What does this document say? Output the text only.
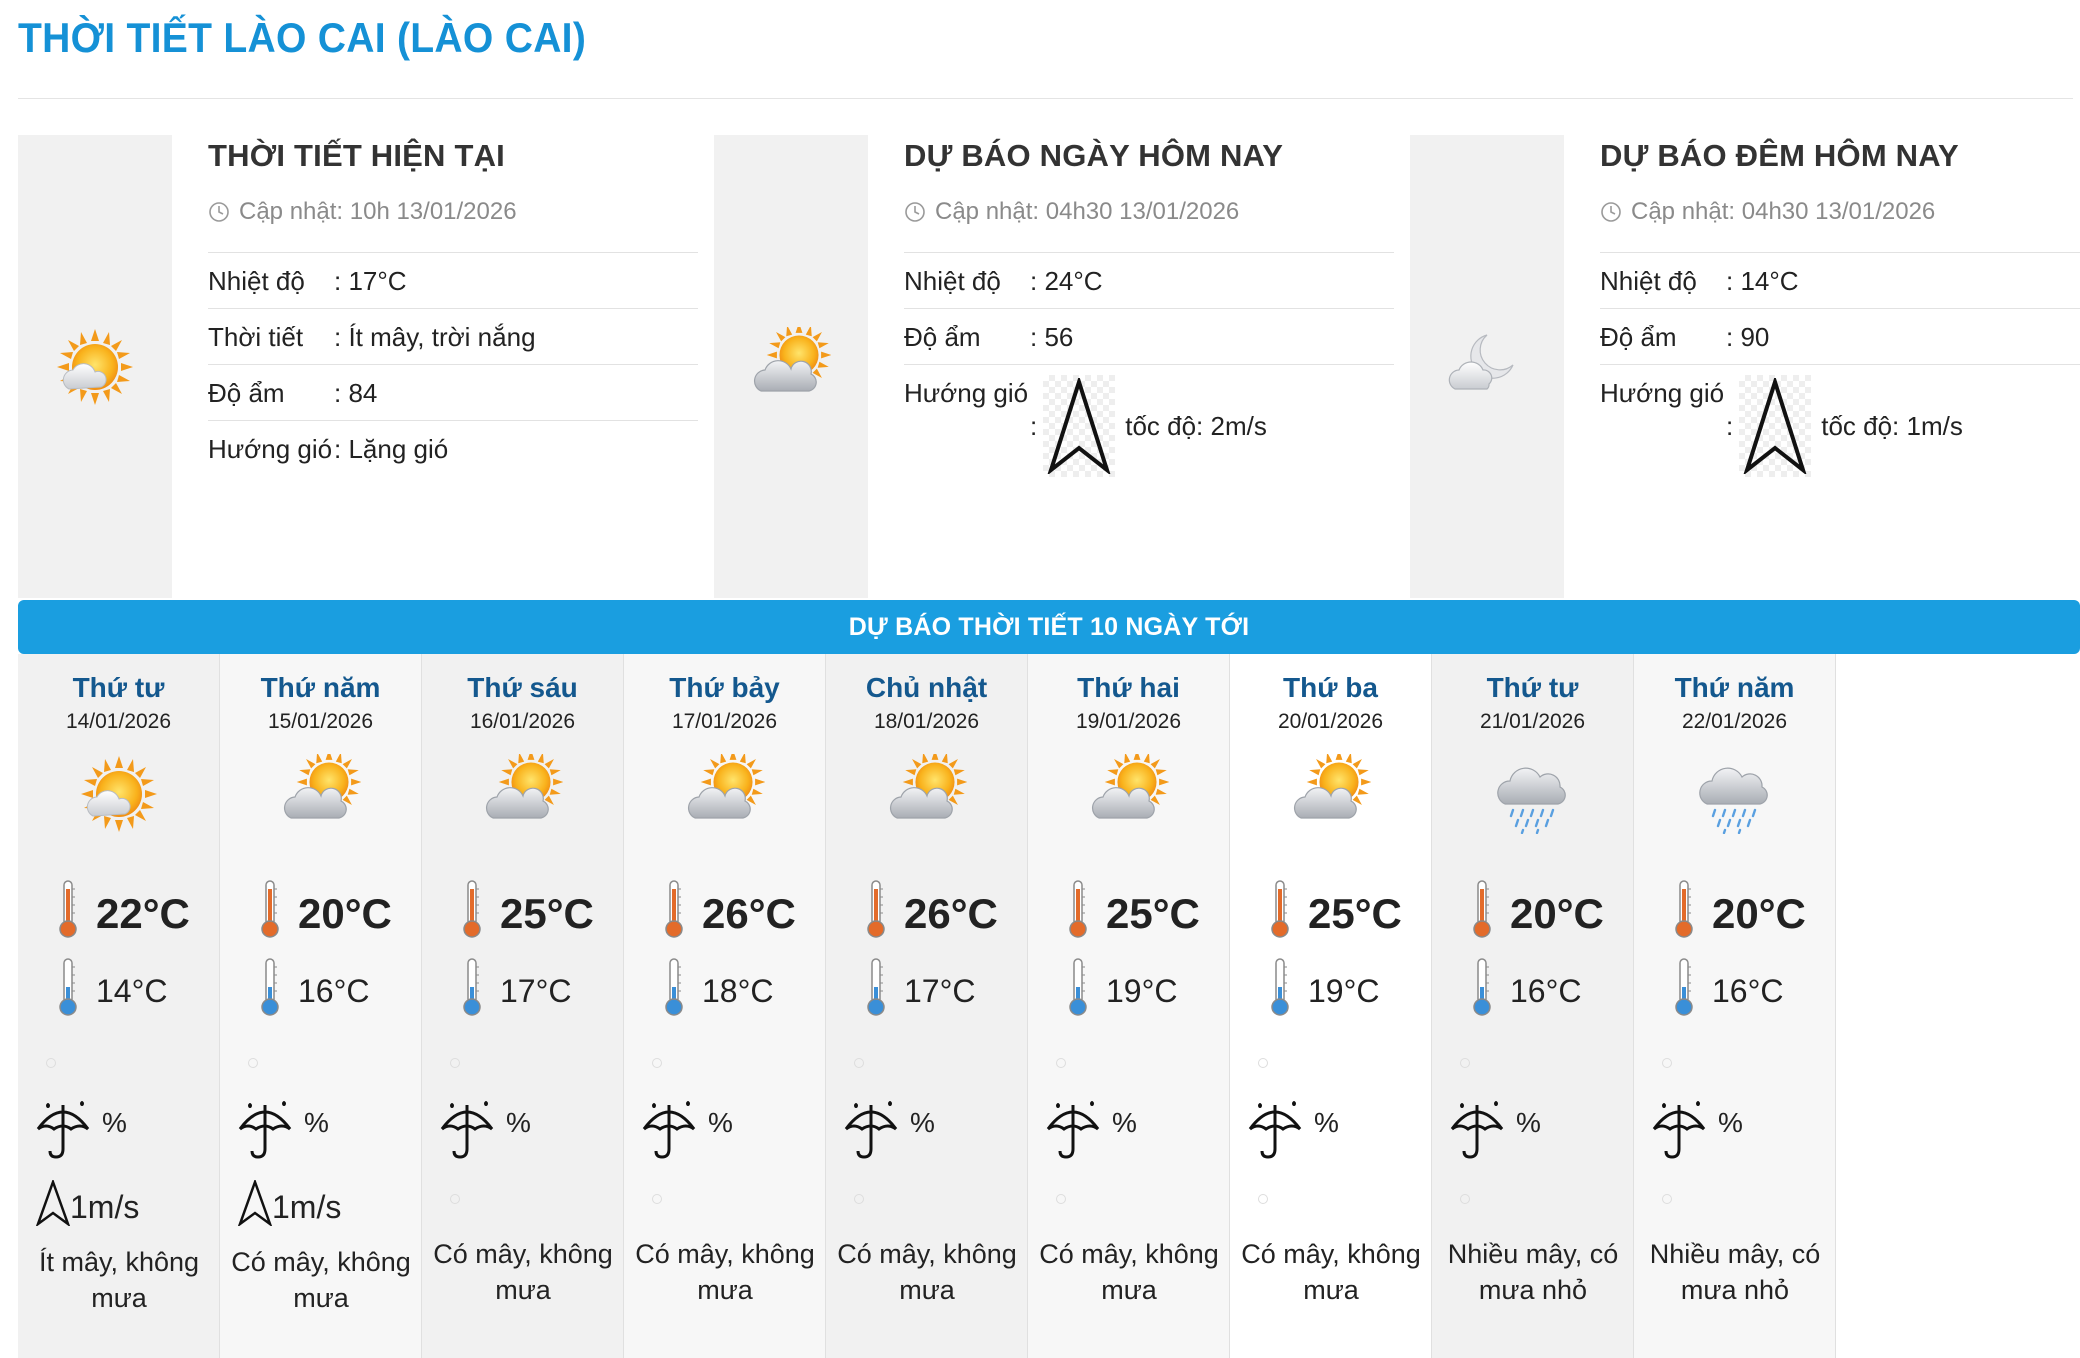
THỜI TIẾT LÀO CAI (LÀO CAI)
THỜI TIẾT HIỆN TẠI
Cập nhật: 10h 13/01/2026
Nhiệt độ	: 17°C
Thời tiết	: Ít mây, trời nắng
Độ ẩm	: 84
Hướng gió : Lặng gió
DỰ BÁO NGÀY HÔM NAY
Cập nhật: 04h30 13/01/2026
Nhiệt độ	: 24°C
Độ ẩm	: 56
Hướng gió
:	tốc độ: 2m/s
DỰ BÁO ĐÊM HÔM NAY
Cập nhật: 04h30 13/01/2026
Nhiệt độ	: 14°C
Độ ẩm	: 90
Hướng gió
:	tốc độ: 1m/s
DỰ BÁO THỜI TIẾT 10 NGÀY TỚI
Thứ tư
14/01/2026
22°C
14°C
%
1m/s
Ít mây, không mưa
Thứ năm
15/01/2026
20°C
16°C
%
1m/s
Có mây, không mưa
Thứ sáu
16/01/2026
25°C
17°C
%
Có mây, không mưa
Thứ bảy
17/01/2026
26°C
18°C
%
Có mây, không mưa
Chủ nhật
18/01/2026
26°C
17°C
%
Có mây, không mưa
Thứ hai
19/01/2026
25°C
19°C
%
Có mây, không mưa
Thứ ba
20/01/2026
25°C
19°C
%
Có mây, không mưa
Thứ tư
21/01/2026
20°C
16°C
%
Nhiều mây, có mưa nhỏ
Thứ năm
22/01/2026
20°C
16°C
%
Nhiều mây, có mưa nhỏ
